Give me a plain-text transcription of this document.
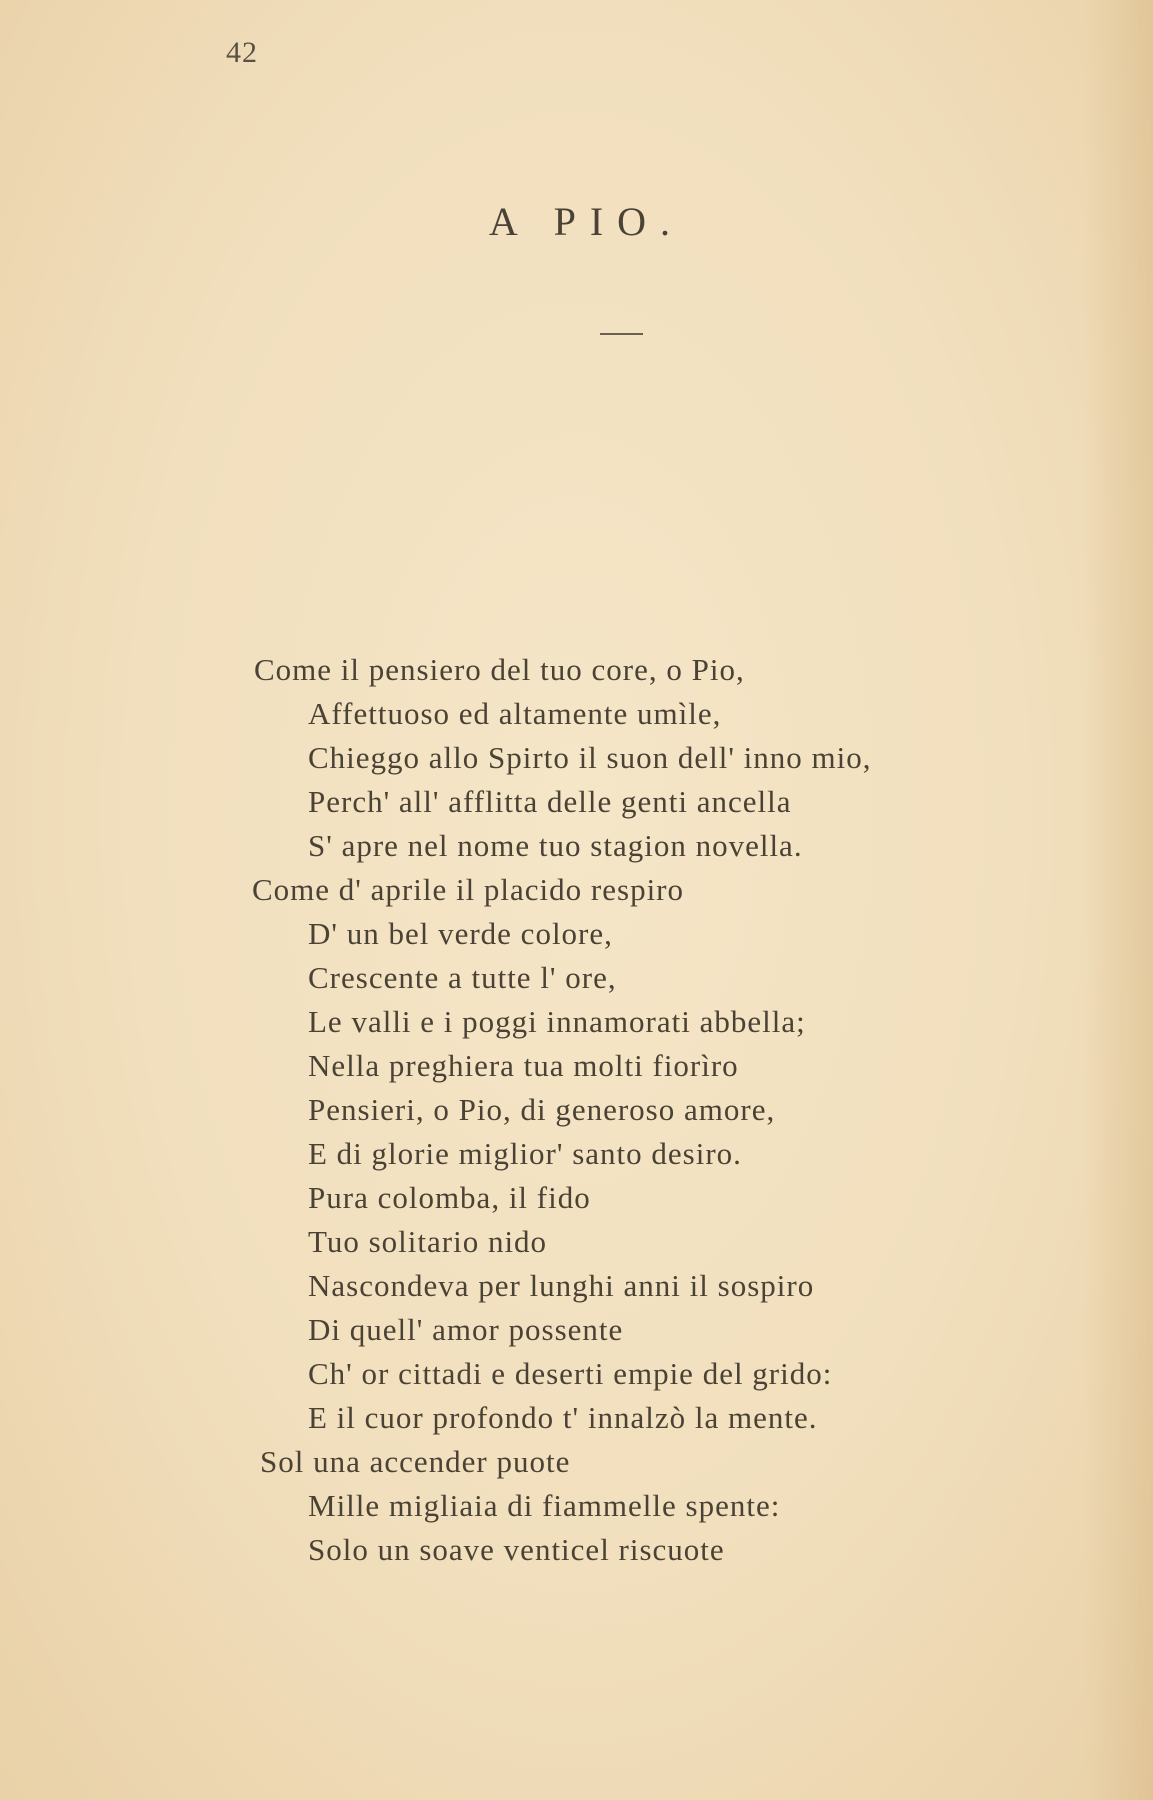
42
A PIO.
Come il pensiero del tuo core, o Pio,
Affettuoso ed altamente umìle,
Chieggo allo Spirto il suon dell' inno mio,
Perch' all' afflitta delle genti ancella
S' apre nel nome tuo stagion novella.
Come d' aprile il placido respiro
D' un bel verde colore,
Crescente a tutte l' ore,
Le valli e i poggi innamorati abbella;
Nella preghiera tua molti fiorìro
Pensieri, o Pio, di generoso amore,
E di glorie miglior' santo desiro.
Pura colomba, il fido
Tuo solitario nido
Nascondeva per lunghi anni il sospiro
Di quell' amor possente
Ch' or cittadi e deserti empie del grido:
E il cuor profondo t' innalzò la mente.
Sol una accender puote
Mille migliaia di fiammelle spente:
Solo un soave venticel riscuote
